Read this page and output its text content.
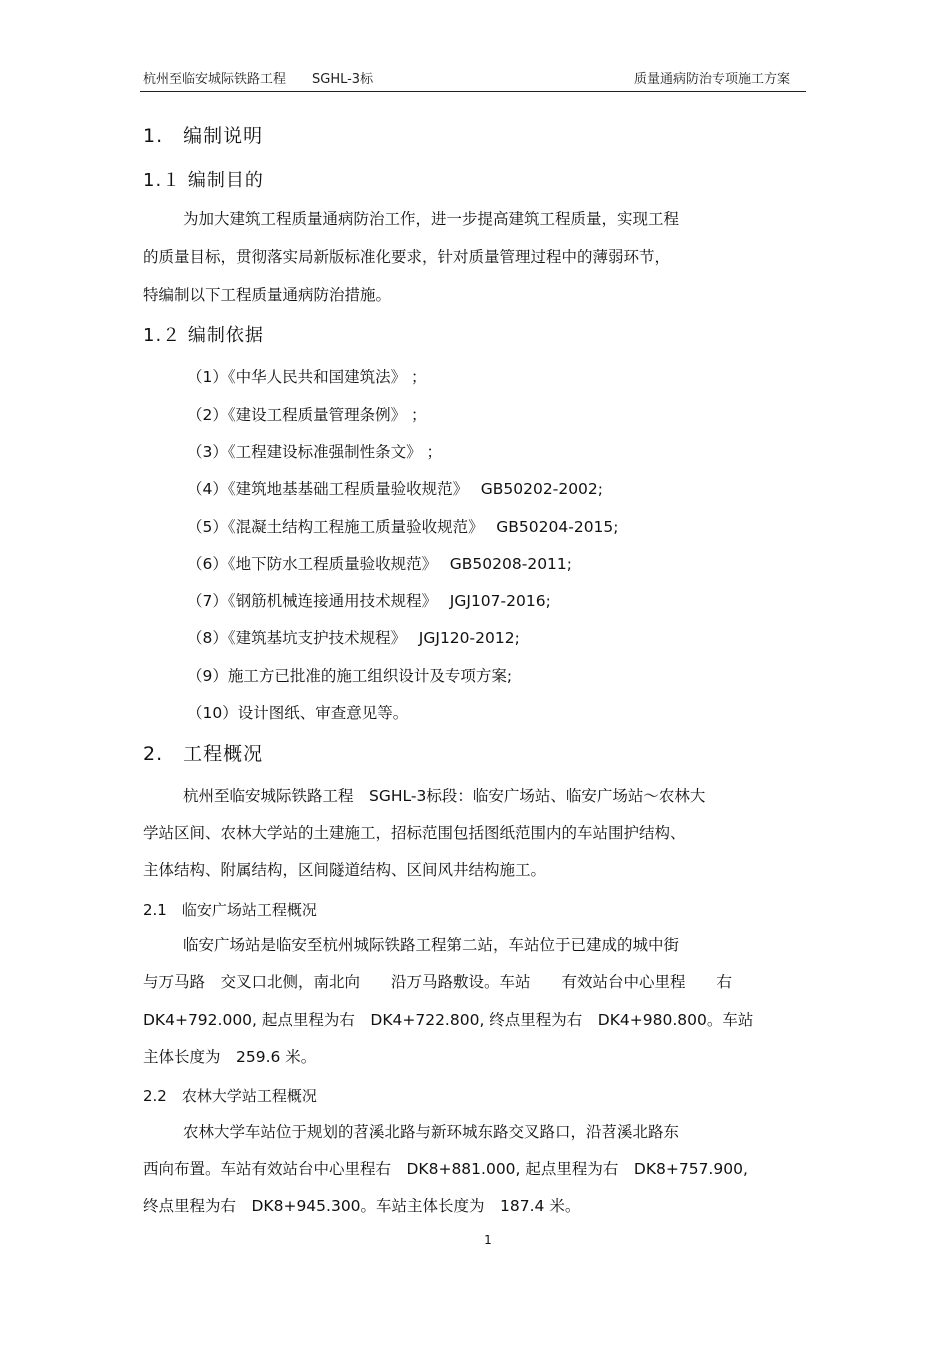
杭州至临安城际铁路工程　　SGHL-3标	质量通病防治专项施工方案
1.　编制说明
1.１ 编制目的
为加大建筑工程质量通病防治工作，进一步提高建筑工程质量，实现工程
的质量目标，贯彻落实局新版标准化要求，针对质量管理过程中的薄弱环节，
特编制以下工程质量通病防治措施。
1.２ 编制依据
（1）《中华人民共和国建筑法》 ；
（2）《建设工程质量管理条例》 ；
（3）《工程建设标准强制性条文》 ；
（4）《建筑地基基础工程质量验收规范》　 GB50202-2002;
（5）《混凝土结构工程施工质量验收规范》　 GB50204-2015;
（6）《地下防水工程质量验收规范》　 GB50208-2011;
（7）《钢筋机械连接通用技术规程》　 JGJ107-2016;
（8）《建筑基坑支护技术规程》　 JGJ120-2012;
（9）施工方已批准的施工组织设计及专项方案;
（10）设计图纸、审查意见等。
2.　工程概况
杭州至临安城际铁路工程　SGHL-3标段：临安广场站、临安广场站～农林大
学站区间、农林大学站的土建施工，招标范围包括图纸范围内的车站围护结构、
主体结构、附属结构，区间隧道结构、区间风井结构施工。
2.1　临安广场站工程概况
临安广场站是临安至杭州城际铁路工程第二站，车站位于已建成的城中街
与万马路　交叉口北侧，南北向　　沿万马路敷设。车站　　有效站台中心里程　　右
DK4+792.000, 起点里程为右　DK4+722.800, 终点里程为右　DK4+980.800。车站
主体长度为　259.6 米。
2.2　农林大学站工程概况
农林大学车站位于规划的苕溪北路与新环城东路交叉路口，沿苕溪北路东
西向布置。车站有效站台中心里程右　DK8+881.000, 起点里程为右　DK8+757.900,
终点里程为右　DK8+945.300。车站主体长度为　187.4 米。
1
